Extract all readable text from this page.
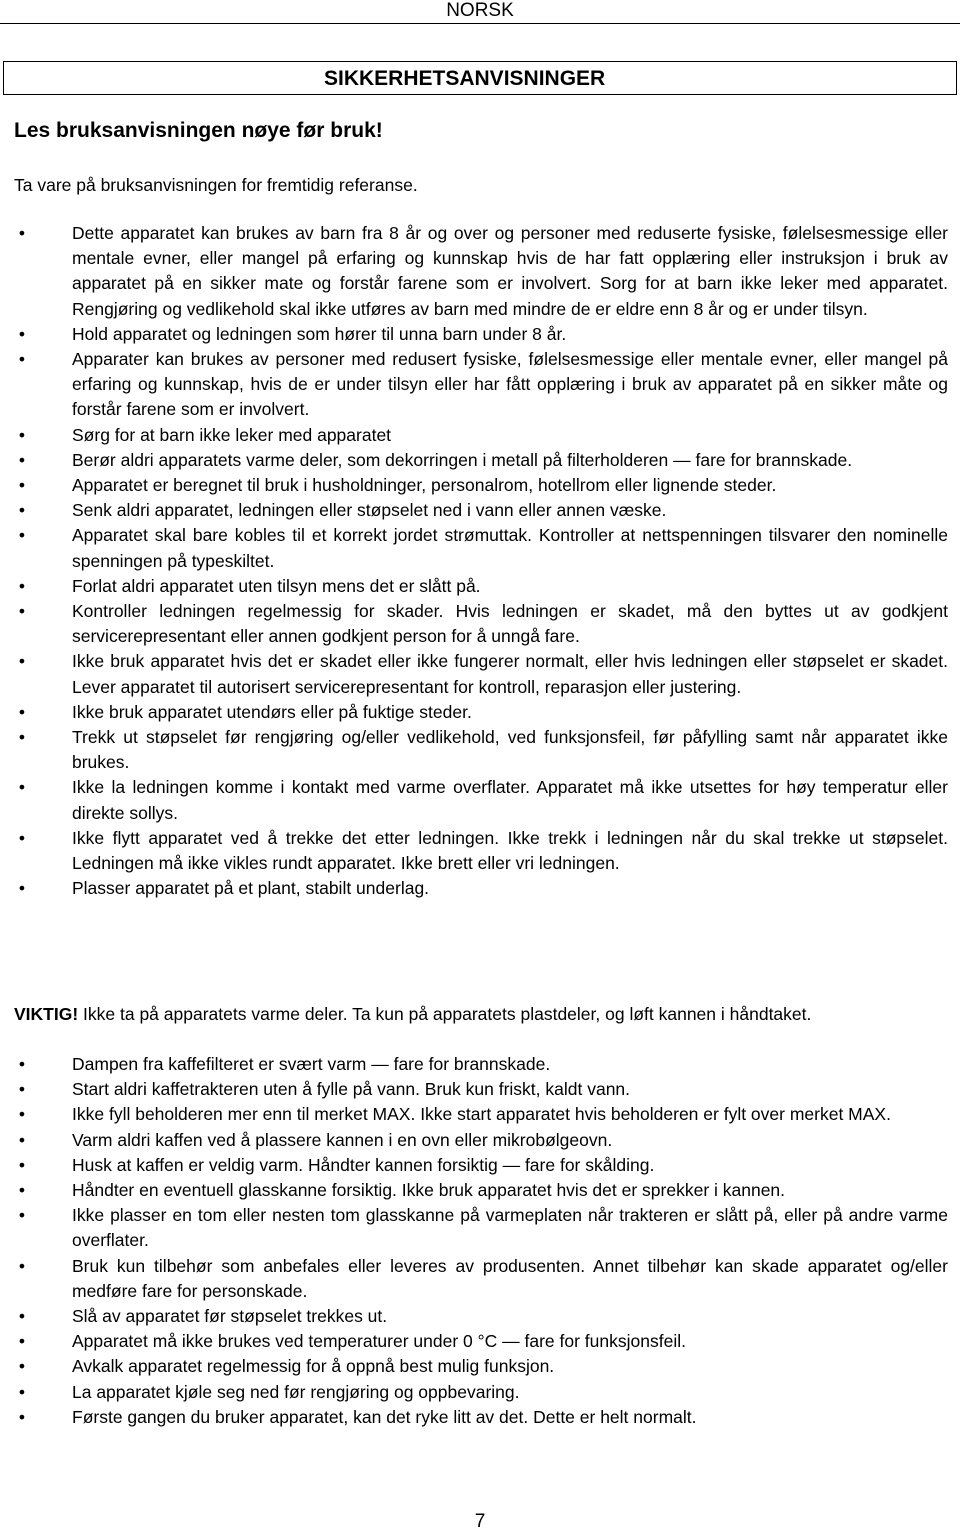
NORSK
SIKKERHETSANVISNINGER
Les bruksanvisningen nøye før bruk!
Ta vare på bruksanvisningen for fremtidig referanse.
•	Dette apparatet kan brukes av barn fra 8 år og over og personer med reduserte fysiske, følelsesmessige eller mentale evner, eller mangel på erfaring og kunnskap hvis de har fatt opplæring eller instruksjon i bruk av apparatet på en sikker mate og forstår farene som er involvert. Sorg for at barn ikke leker med apparatet. Rengjøring og vedlikehold skal ikke utføres av barn med mindre de er eldre enn 8 år og er under tilsyn.
•	Hold apparatet og ledningen som hører til unna barn under 8 år.
•	Apparater kan brukes av personer med redusert fysiske, følelsesmessige eller mentale evner, eller mangel på erfaring og kunnskap, hvis de er under tilsyn eller har fått opplæring i bruk av apparatet på en sikker måte og forstår farene som er involvert.
•	Sørg for at barn ikke leker med apparatet
•	Berør aldri apparatets varme deler, som dekorringen i metall på filterholderen — fare for brannskade.
•	Apparatet er beregnet til bruk i husholdninger, personalrom, hotellrom eller lignende steder.
•	Senk aldri apparatet, ledningen eller støpselet ned i vann eller annen væske.
•	Apparatet skal bare kobles til et korrekt jordet strømuttak. Kontroller at nettspenningen tilsvarer den nominelle spenningen på typeskiltet.
•	Forlat aldri apparatet uten tilsyn mens det er slått på.
•	Kontroller ledningen regelmessig for skader. Hvis ledningen er skadet, må den byttes ut av godkjent servicerepresentant eller annen godkjent person for å unngå fare.
•	Ikke bruk apparatet hvis det er skadet eller ikke fungerer normalt, eller hvis ledningen eller støpselet er skadet. Lever apparatet til autorisert servicerepresentant for kontroll, reparasjon eller justering.
•	Ikke bruk apparatet utendørs eller på fuktige steder.
•	Trekk ut støpselet før rengjøring og/eller vedlikehold, ved funksjonsfeil, før påfylling samt når apparatet ikke brukes.
•	Ikke la ledningen komme i kontakt med varme overflater. Apparatet må ikke utsettes for høy temperatur eller direkte sollys.
•	Ikke flytt apparatet ved å trekke det etter ledningen. Ikke trekk i ledningen når du skal trekke ut støpselet. Ledningen må ikke vikles rundt apparatet. Ikke brett eller vri ledningen.
•	Plasser apparatet på et plant, stabilt underlag.
VIKTIG! Ikke ta på apparatets varme deler. Ta kun på apparatets plastdeler, og løft kannen i håndtaket.
•	Dampen fra kaffefilteret er svært varm — fare for brannskade.
•	Start aldri kaffetrakteren uten å fylle på vann. Bruk kun friskt, kaldt vann.
•	Ikke fyll beholderen mer enn til merket MAX. Ikke start apparatet hvis beholderen er fylt over merket MAX.
•	Varm aldri kaffen ved å plassere kannen i en ovn eller mikrobølgeovn.
•	Husk at kaffen er veldig varm. Håndter kannen forsiktig — fare for skålding.
•	Håndter en eventuell glasskanne forsiktig. Ikke bruk apparatet hvis det er sprekker i kannen.
•	Ikke plasser en tom eller nesten tom glasskanne på varmeplaten når trakteren er slått på, eller på andre varme overflater.
•	Bruk kun tilbehør som anbefales eller leveres av produsenten. Annet tilbehør kan skade apparatet og/eller medføre fare for personskade.
•	Slå av apparatet før støpselet trekkes ut.
•	Apparatet må ikke brukes ved temperaturer under 0 °C — fare for funksjonsfeil.
•	Avkalk apparatet regelmessig for å oppnå best mulig funksjon.
•	La apparatet kjøle seg ned før rengjøring og oppbevaring.
•	Første gangen du bruker apparatet, kan det ryke litt av det. Dette er helt normalt.
7
